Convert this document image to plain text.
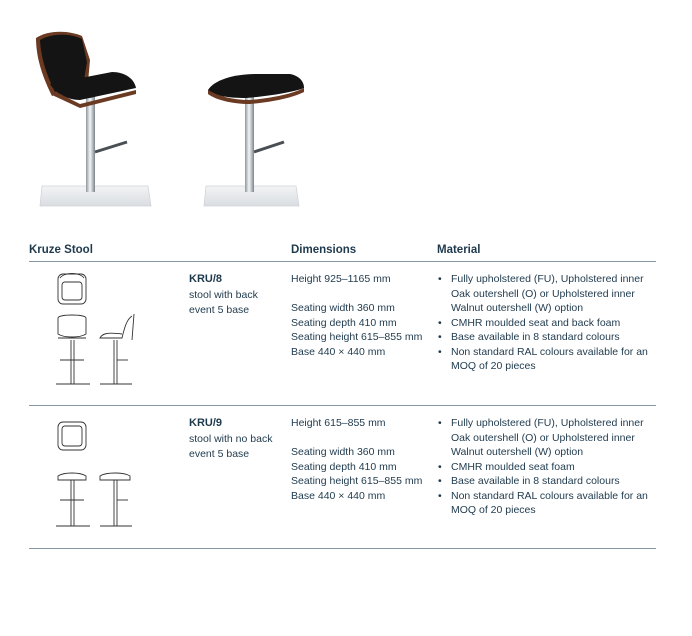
Kruze Stool	Dimensions	Material
KRU/8
stool with back event 5 base
Height 925–1165 mm
Seating width 360 mm
Seating depth 410 mm
Seating height 615–855 mm
Base 440 × 440 mm
• Fully upholstered (FU), Upholstered inner Oak outershell (O) or Upholstered inner Walnut outershell (W) option
• CMHR moulded seat and back foam
• Base available in 8 standard colours
• Non standard RAL colours available for an MOQ of 20 pieces
KRU/9
stool with no back event 5 base
Height 615–855 mm
Seating width 360 mm
Seating depth 410 mm
Seating height 615–855 mm
Base 440 × 440 mm
• Fully upholstered (FU), Upholstered inner Oak outershell (O) or Upholstered inner Walnut outershell (W) option
• CMHR moulded seat foam
• Base available in 8 standard colours
• Non standard RAL colours available for an MOQ of 20 pieces
